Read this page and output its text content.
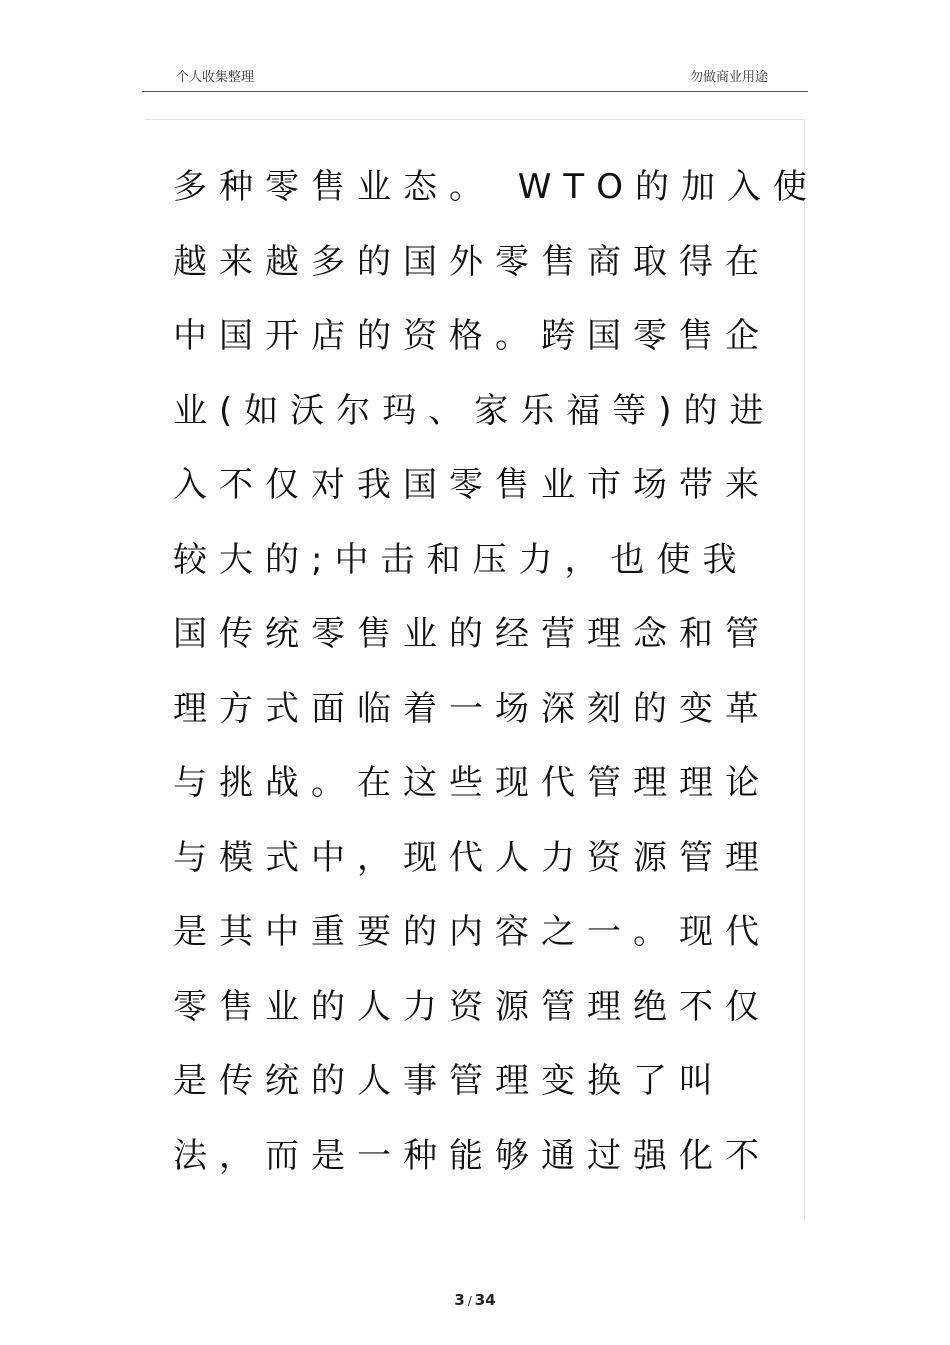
个人收集整理	勿做商业用途
多种零售业态。 WTO的加入使
越来越多的国外零售商取得在
中国开店的资格。跨国零售企
业(如沃尔玛、家乐福等)的进
入不仅对我国零售业市场带来
较大的;中击和压力，也使我
国传统零售业的经营理念和管
理方式面临着一场深刻的变革
与挑战。在这些现代管理理论
与模式中，现代人力资源管理
是其中重要的内容之一。现代
零售业的人力资源管理绝不仅
是传统的人事管理变换了叫
法，而是一种能够通过强化不
3 / 34
